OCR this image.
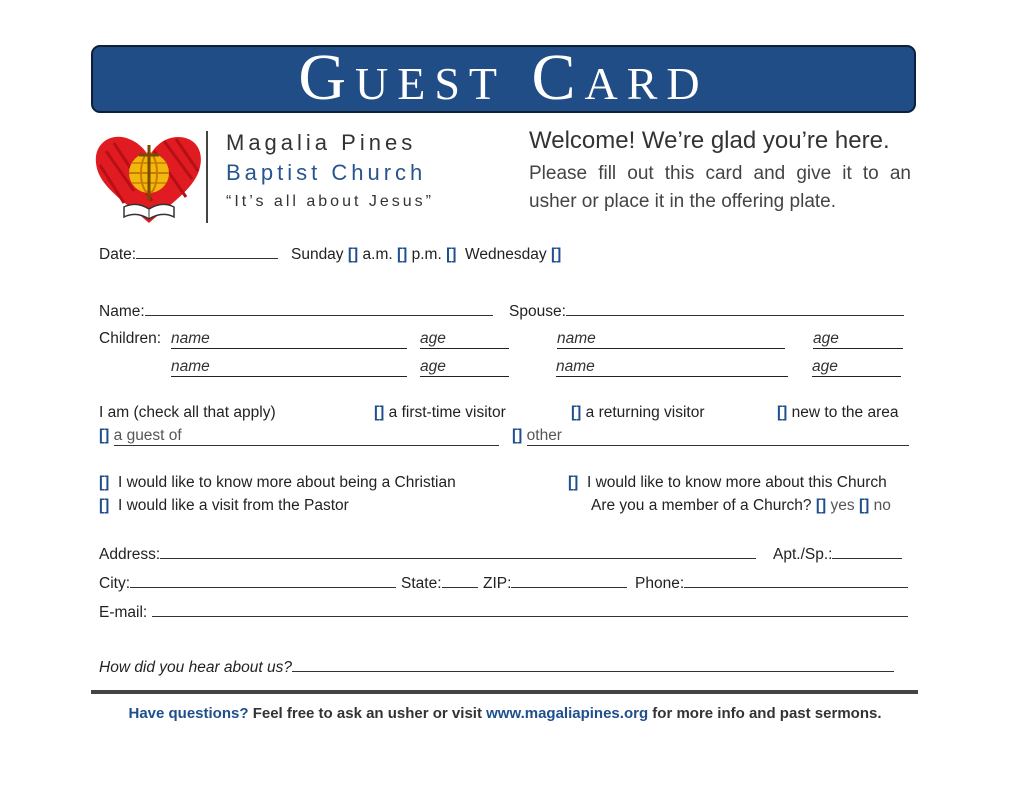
Guest Card
Magalia Pines
Baptist Church
“It’s all about Jesus”
Welcome! We’re glad you’re here.
Please fill out this card and give it to an usher or place it in the offering plate.
Date:	Sunday [] a.m. [] p.m. [] Wednesday []
Name:	Spouse:
Children: name	age	name	age
name	age	name	age
I am (check all that apply)	[] a first-time visitor	[] a returning visitor	[] new to the area
[] a guest of	[] other
[] I would like to know more about being a Christian	[] I would like to know more about this Church
[] I would like a visit from the Pastor	Are you a member of a Church? [] yes [] no
Address:	Apt./Sp.:
City:	State:	ZIP:	Phone:
E-mail:
How did you hear about us?
Have questions? Feel free to ask an usher or visit www.magaliapines.org for more info and past sermons.
